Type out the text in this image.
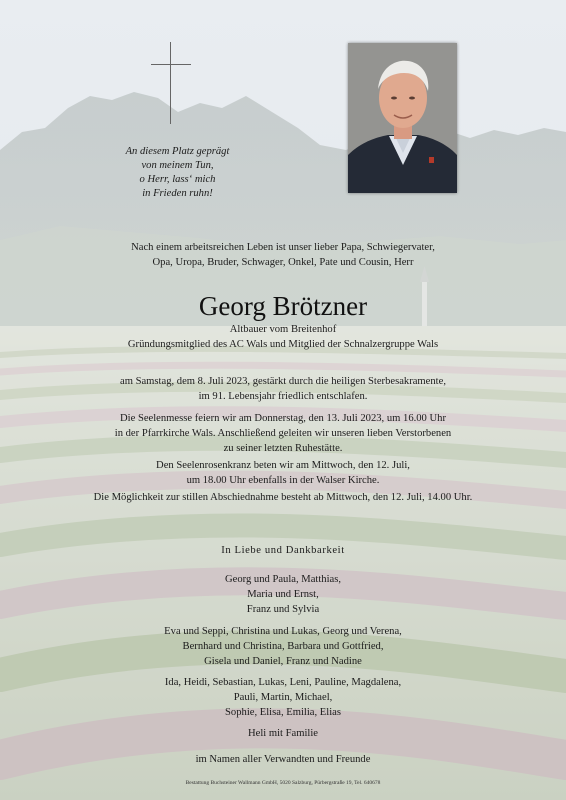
An diesem Platz geprägt
von meinem Tun,
o Herr, lass‘ mich
in Frieden ruhn!
Nach einem arbeitsreichen Leben ist unser lieber Papa, Schwiegervater,
Opa, Uropa, Bruder, Schwager, Onkel, Pate und Cousin, Herr
Georg Brötzner
Altbauer vom Breitenhof
Gründungsmitglied des AC Wals und Mitglied der Schnalzergruppe Wals
am Samstag, dem 8. Juli 2023, gestärkt durch die heiligen Sterbesakramente,
im 91. Lebensjahr friedlich entschlafen.
Die Seelenmesse feiern wir am Donnerstag, den 13. Juli 2023, um 16.00 Uhr
in der Pfarrkirche Wals. Anschließend geleiten wir unseren lieben Verstorbenen
zu seiner letzten Ruhestätte.
Den Seelenrosenkranz beten wir am Mittwoch, den 12. Juli,
um 18.00 Uhr ebenfalls in der Walser Kirche.
Die Möglichkeit zur stillen Abschiednahme besteht ab Mittwoch, den 12. Juli, 14.00 Uhr.
In Liebe und Dankbarkeit
Georg und Paula, Matthias,
Maria und Ernst,
Franz und Sylvia
Eva und Seppi, Christina und Lukas, Georg und Verena,
Bernhard und Christina, Barbara und Gottfried,
Gisela und Daniel, Franz und Nadine
Ida, Heidi, Sebastian, Lukas, Leni, Pauline, Magdalena,
Pauli, Martin, Michael,
Sophie, Elisa, Emilia, Elias
Heli mit Familie
im Namen aller Verwandten und Freunde
Bestattung Buchsteiner Wallmann GmbH, 5020 Salzburg, Pürbergstraße 19, Tel. 640678
